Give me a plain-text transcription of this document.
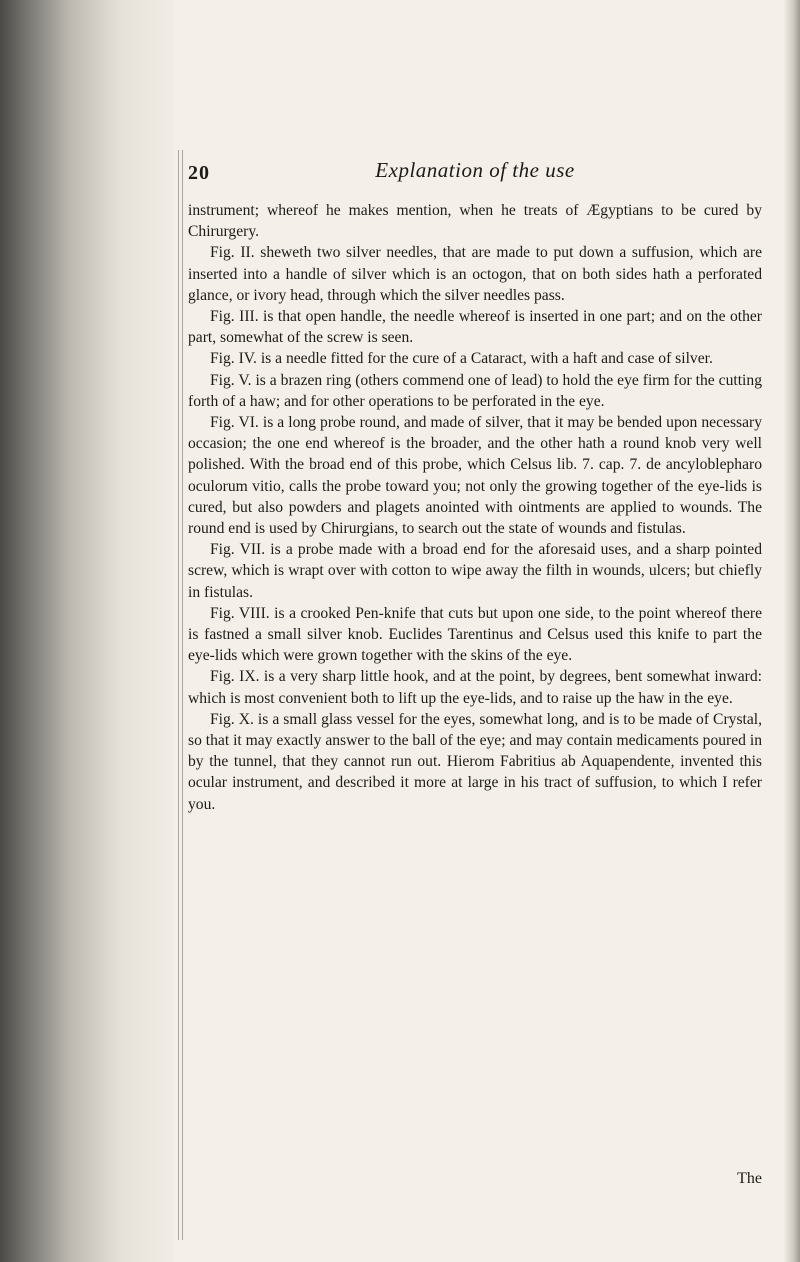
20	Explanation of the use

instrument; whereof he makes mention, when he treats of Ægyptians to be cured by Chirurgery.

Fig. II. sheweth two silver needles, that are made to put down a suffusion, which are inserted into a handle of silver which is an octogon, that on both sides hath a perforated glance, or ivory head, through which the silver needles pass.

Fig. III. is that open handle, the needle whereof is inserted in one part; and on the other part, somewhat of the screw is seen.

Fig. IV. is a needle fitted for the cure of a Cataract, with a haft and case of silver.

Fig. V. is a brazen ring (others commend one of lead) to hold the eye firm for the cutting forth of a haw; and for other operations to be perforated in the eye.

Fig. VI. is a long probe round, and made of silver, that it may be bended upon necessary occasion; the one end whereof is the broader, and the other hath a round knob very well polished. With the broad end of this probe, which Celsus lib. 7. cap. 7. de ancyloblepharo oculorum vitio, calls the probe toward you; not only the growing together of the eye-lids is cured, but also powders and plagets anointed with ointments are applied to wounds. The round end is used by Chirurgians, to search out the state of wounds and fistulas.

Fig. VII. is a probe made with a broad end for the aforesaid uses, and a sharp pointed screw, which is wrapt over with cotton to wipe away the filth in wounds, ulcers; but chiefly in fistulas.

Fig. VIII. is a crooked Pen-knife that cuts but upon one side, to the point whereof there is fastned a small silver knob. Euclides Tarentinus and Celsus used this knife to part the eye-lids which were grown together with the skins of the eye.

Fig. IX. is a very sharp little hook, and at the point, by degrees, bent somewhat inward: which is most convenient both to lift up the eye-lids, and to raise up the haw in the eye.

Fig. X. is a small glass vessel for the eyes, somewhat long, and is to be made of Crystal, so that it may exactly answer to the ball of the eye; and may contain medicaments poured in by the tunnel, that they cannot run out. Hierom Fabritius ab Aquapendente, invented this ocular instrument, and described it more at large in his tract of suffusion, to which I refer you.

The
